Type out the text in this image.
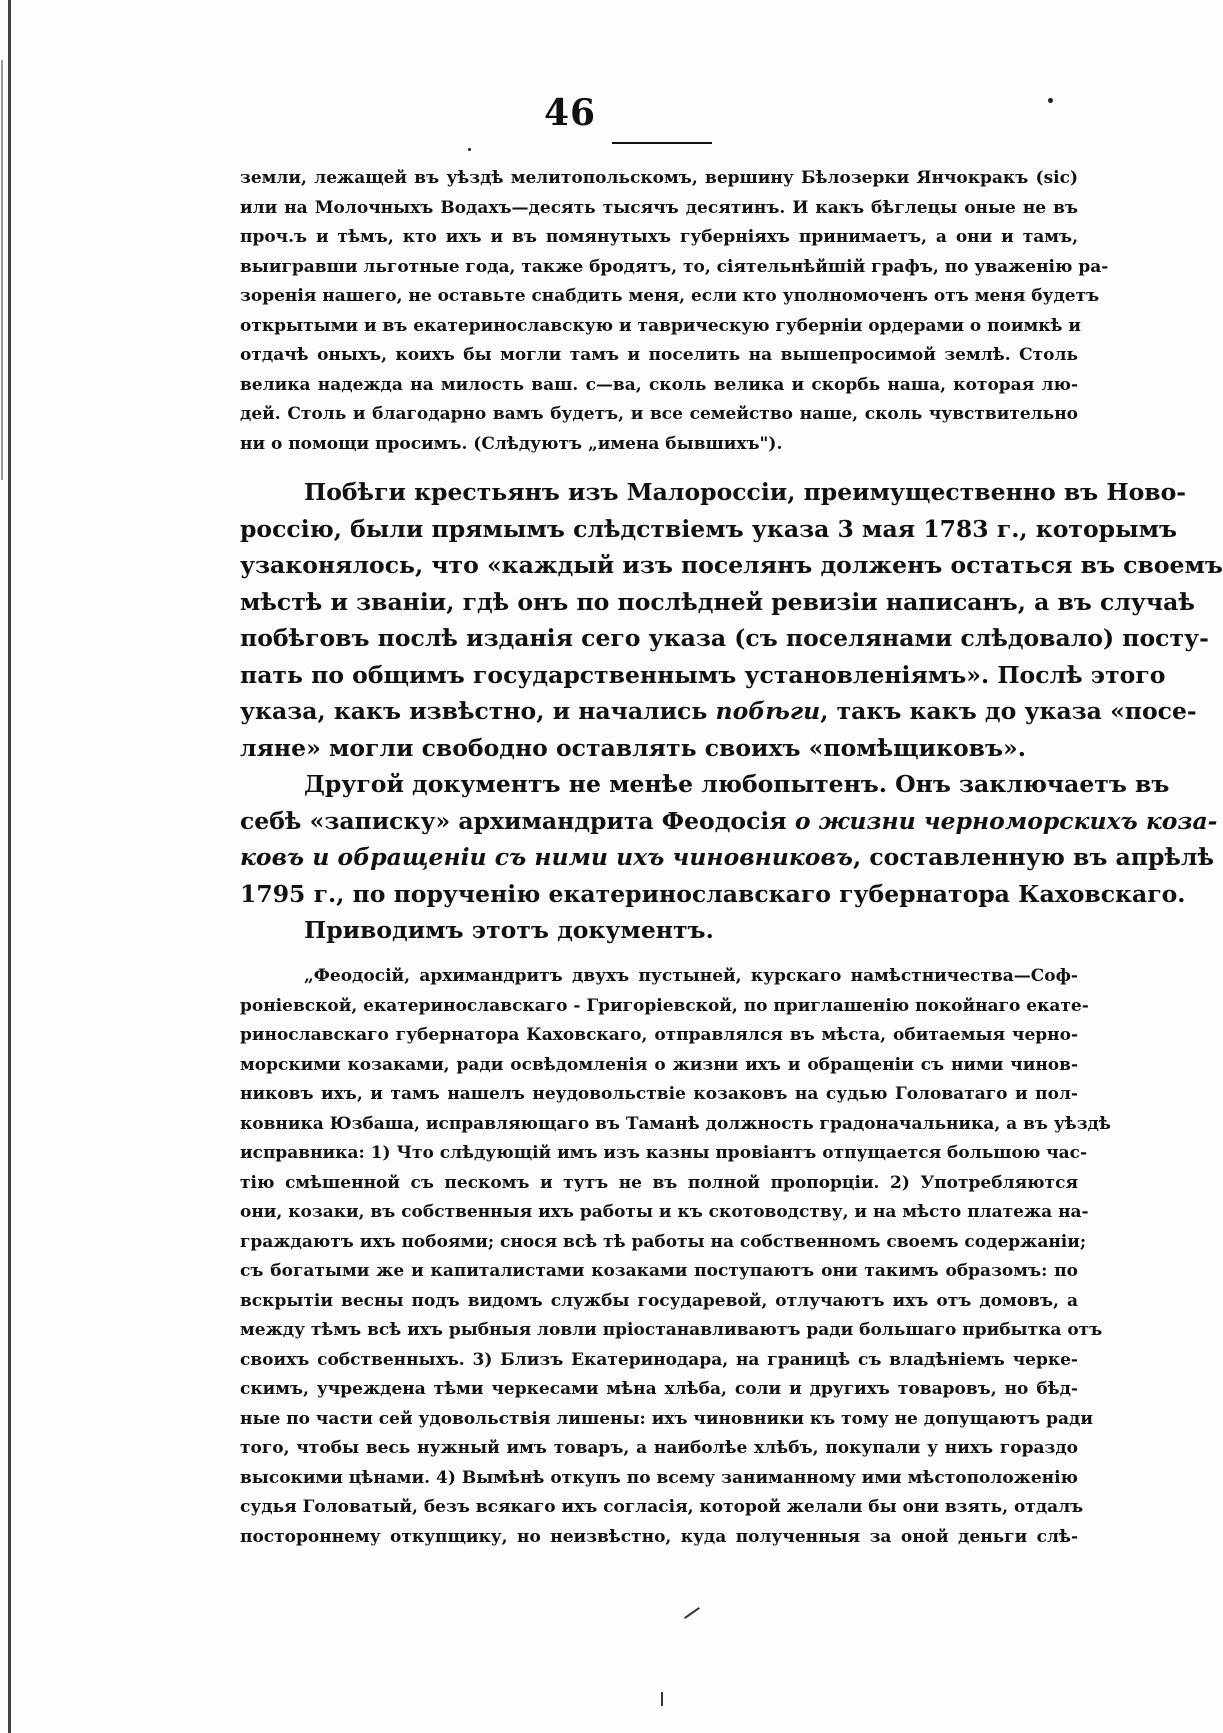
46
земли, лежащей въ уѣздѣ мелитопольскомъ, вершину Бѣлозерки Янчокракъ (sic)
или на Молочныхъ Водахъ—десять тысячъ десятинъ. И какъ бѣглецы оные не въ
проч.ъ и тѣмъ, кто ихъ и въ помянутыхъ губерніяхъ принимаетъ, а они и тамъ,
выигравши льготные года, также бродятъ, то, сіятельнѣйшій графъ, по уваженію ра-
зоренія нашего, не оставьте снабдить меня, если кто уполномоченъ отъ меня будетъ
открытыми и въ екатеринославскую и таврическую губерніи ордерами о поимкѣ и
отдачѣ оныхъ, коихъ бы могли тамъ и поселить на вышепросимой землѣ. Столь
велика надежда на милость ваш. с—ва, сколь велика и скорбь наша, которая лю-
дей. Столь и благодарно вамъ будетъ, и все семейство наше, сколь чувствительно
ни о помощи просимъ. (Слѣдуютъ „имена бывшихъ").
Побѣги крестьянъ изъ Малороссіи, преимущественно въ Ново-
россію, были прямымъ слѣдствіемъ указа 3 мая 1783 г., которымъ
узаконялось, что «каждый изъ поселянъ долженъ остаться въ своемъ
мѣстѣ и званіи, гдѣ онъ по послѣдней ревизіи написанъ, а въ случаѣ
побѣговъ послѣ изданія сего указа (съ поселянами слѣдовало) посту-
пать по общимъ государственнымъ установленіямъ». Послѣ этого
указа, какъ извѣстно, и начались побѣги, такъ какъ до указа «посе-
ляне» могли свободно оставлять своихъ «помѣщиковъ».
Другой документъ не менѣе любопытенъ. Онъ заключаетъ въ
себѣ «записку» архимандрита Феодосія о жизни черноморскихъ коза-
ковъ и обращеніи съ ними ихъ чиновниковъ, составленную въ апрѣлѣ
1795 г., по порученію екатеринославскаго губернатора Каховскаго.
Приводимъ этотъ документъ.
„Феодосій, архимандритъ двухъ пустыней, курскаго намѣстничества—Соф-
роніевской, екатеринославскаго - Григоріевской, по приглашенію покойнаго екате-
ринославскаго губернатора Каховскаго, отправлялся въ мѣста, обитаемыя черно-
морскими козаками, ради освѣдомленія о жизни ихъ и обращеніи съ ними чинов-
никовъ ихъ, и тамъ нашелъ неудовольствіе козаковъ на судью Головатаго и пол-
ковника Юзбаша, исправляющаго въ Таманѣ должность градоначальника, а въ уѣздѣ
исправника: 1) Что слѣдующій имъ изъ казны провіантъ отпущается большою час-
тію смѣшенной съ пескомъ и тутъ не въ полной пропорціи. 2) Употребляются
они, козаки, въ собственныя ихъ работы и къ скотоводству, и на мѣсто платежа на-
граждаютъ ихъ побоями; снося всѣ тѣ работы на собственномъ своемъ содержаніи;
съ богатыми же и капиталистами козаками поступаютъ они такимъ образомъ: по
вскрытіи весны подъ видомъ службы государевой, отлучаютъ ихъ отъ домовъ, а
между тѣмъ всѣ ихъ рыбныя ловли пріостанавливаютъ ради большаго прибытка отъ
своихъ собственныхъ. 3) Близъ Екатеринодара, на границѣ съ владѣніемъ черке-
скимъ, учреждена тѣми черкесами мѣна хлѣба, соли и другихъ товаровъ, но бѣд-
ные по части сей удовольствія лишены: ихъ чиновники къ тому не допущаютъ ради
того, чтобы весь нужный имъ товаръ, а наиболѣе хлѣбъ, покупали у нихъ гораздо
высокими цѣнами. 4) Вымѣнѣ откупъ по всему заниманному ими мѣстоположенію
судья Головатый, безъ всякаго ихъ согласія, которой желали бы они взять, отдалъ
постороннему откупщику, но неизвѣстно, куда полученныя за оной деньги слѣ-
